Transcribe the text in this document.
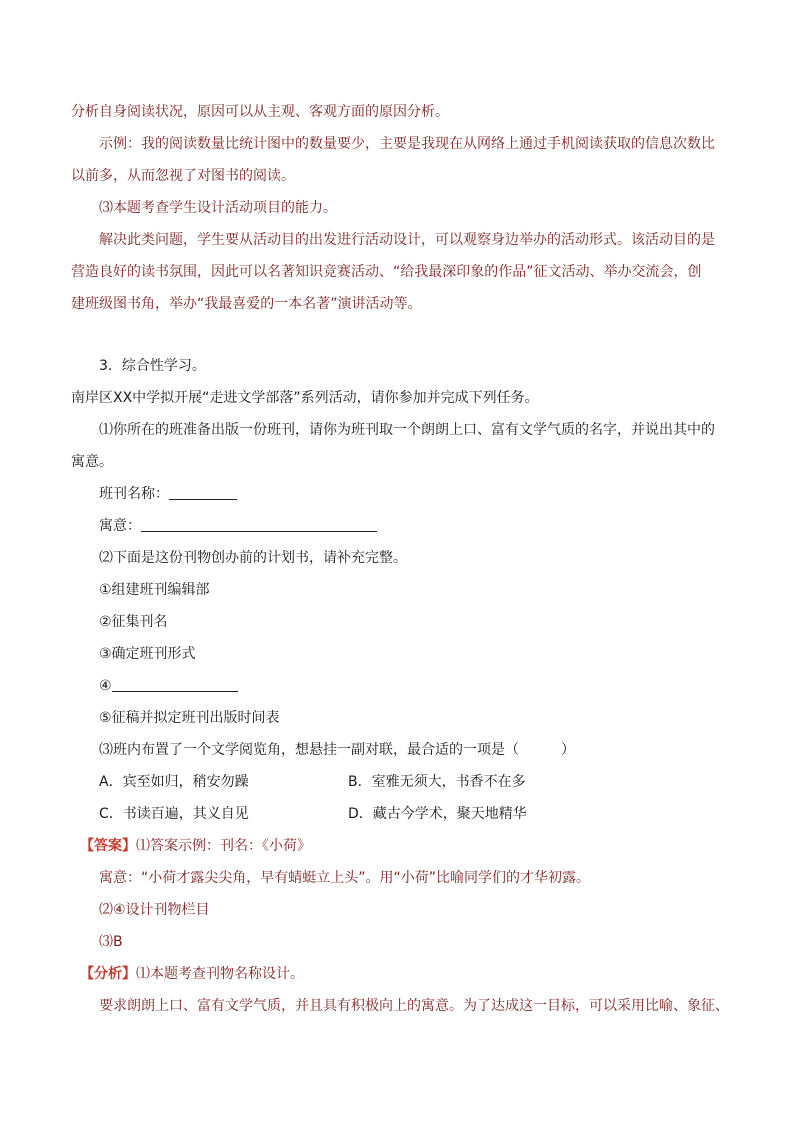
分析自身阅读状况，原因可以从主观、客观方面的原因分析。
示例：我的阅读数量比统计图中的数量要少，主要是我现在从网络上通过手机阅读获取的信息次数比
以前多，从而忽视了对图书的阅读。
⑶本题考查学生设计活动项目的能力。
解决此类问题，学生要从活动目的出发进行活动设计，可以观察身边举办的活动形式。该活动目的是
营造良好的读书氛围，因此可以名著知识竞赛活动、“给我最深印象的作品”征文活动、举办交流会，创
建班级图书角，举办“我最喜爱的一本名著”演讲活动等。
3．综合性学习。
南岸区XX中学拟开展“走进文学部落”系列活动，请你参加并完成下列任务。
⑴你所在的班准备出版一份班刊，请你为班刊取一个朗朗上口、富有文学气质的名字，并说出其中的
寓意。
班刊名称：
寓意：
⑵下面是这份刊物创办前的计划书，请补充完整。
①组建班刊编辑部
②征集刊名
③确定班刊形式
④
⑤征稿并拟定班刊出版时间表
⑶班内布置了一个文学阅览角，想悬挂一副对联，最合适的一项是（　　　）
A．宾至如归，稍安勿躁	B．室雅无须大，书香不在多
C．书读百遍，其义自见	D．藏古今学术，聚天地精华
【答案】⑴答案示例：刊名：《小荷》
寓意：“小荷才露尖尖角，早有蜻蜓立上头”。用“小荷”比喻同学们的才华初露。
⑵④设计刊物栏目
⑶B
【分析】⑴本题考查刊物名称设计。
要求朗朗上口、富有文学气质，并且具有积极向上的寓意。为了达成这一目标，可以采用比喻、象征、
